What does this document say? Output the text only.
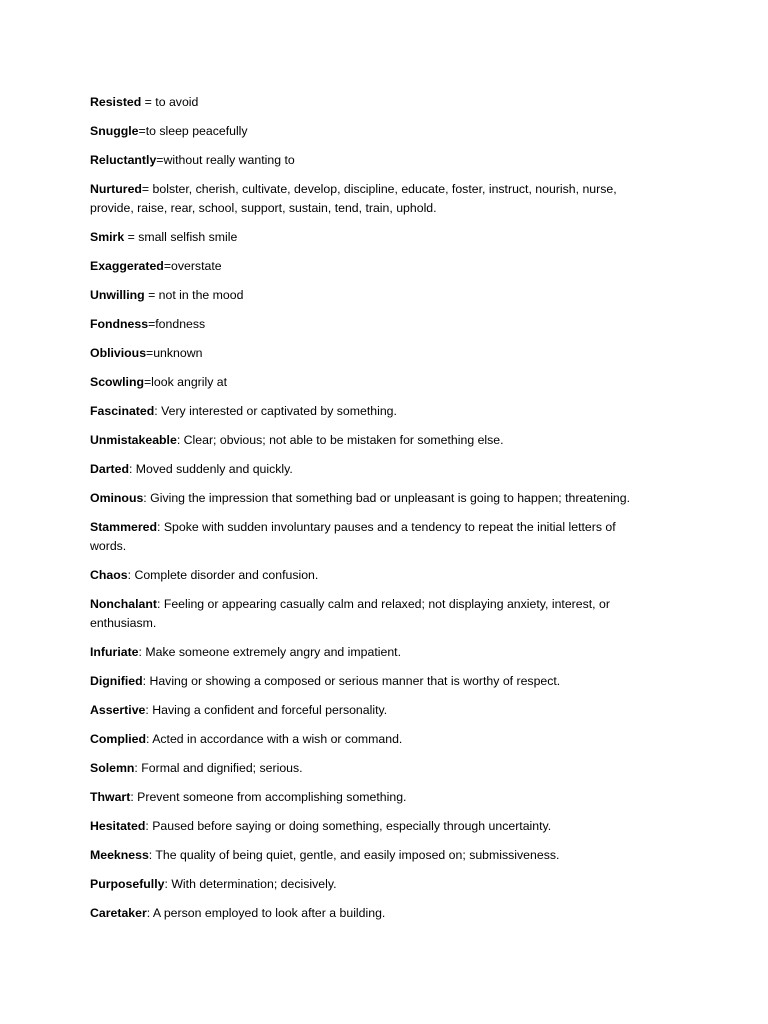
Resisted = to avoid

Snuggle=to sleep peacefully

Reluctantly=without really wanting to

Nurtured= bolster, cherish, cultivate, develop, discipline, educate, foster, instruct, nourish, nurse, provide, raise, rear, school, support, sustain, tend, train, uphold.

Smirk = small selfish smile

Exaggerated=overstate

Unwilling = not in the mood

Fondness=fondness

Oblivious=unknown

Scowling=look angrily at

Fascinated: Very interested or captivated by something.

Unmistakeable: Clear; obvious; not able to be mistaken for something else.

Darted: Moved suddenly and quickly.

Ominous: Giving the impression that something bad or unpleasant is going to happen; threatening.

Stammered: Spoke with sudden involuntary pauses and a tendency to repeat the initial letters of words.

Chaos: Complete disorder and confusion.

Nonchalant: Feeling or appearing casually calm and relaxed; not displaying anxiety, interest, or enthusiasm.

Infuriate: Make someone extremely angry and impatient.

Dignified: Having or showing a composed or serious manner that is worthy of respect.

Assertive: Having a confident and forceful personality.

Complied: Acted in accordance with a wish or command.

Solemn: Formal and dignified; serious.

Thwart: Prevent someone from accomplishing something.

Hesitated: Paused before saying or doing something, especially through uncertainty.

Meekness: The quality of being quiet, gentle, and easily imposed on; submissiveness.

Purposefully: With determination; decisively.

Caretaker: A person employed to look after a building.
